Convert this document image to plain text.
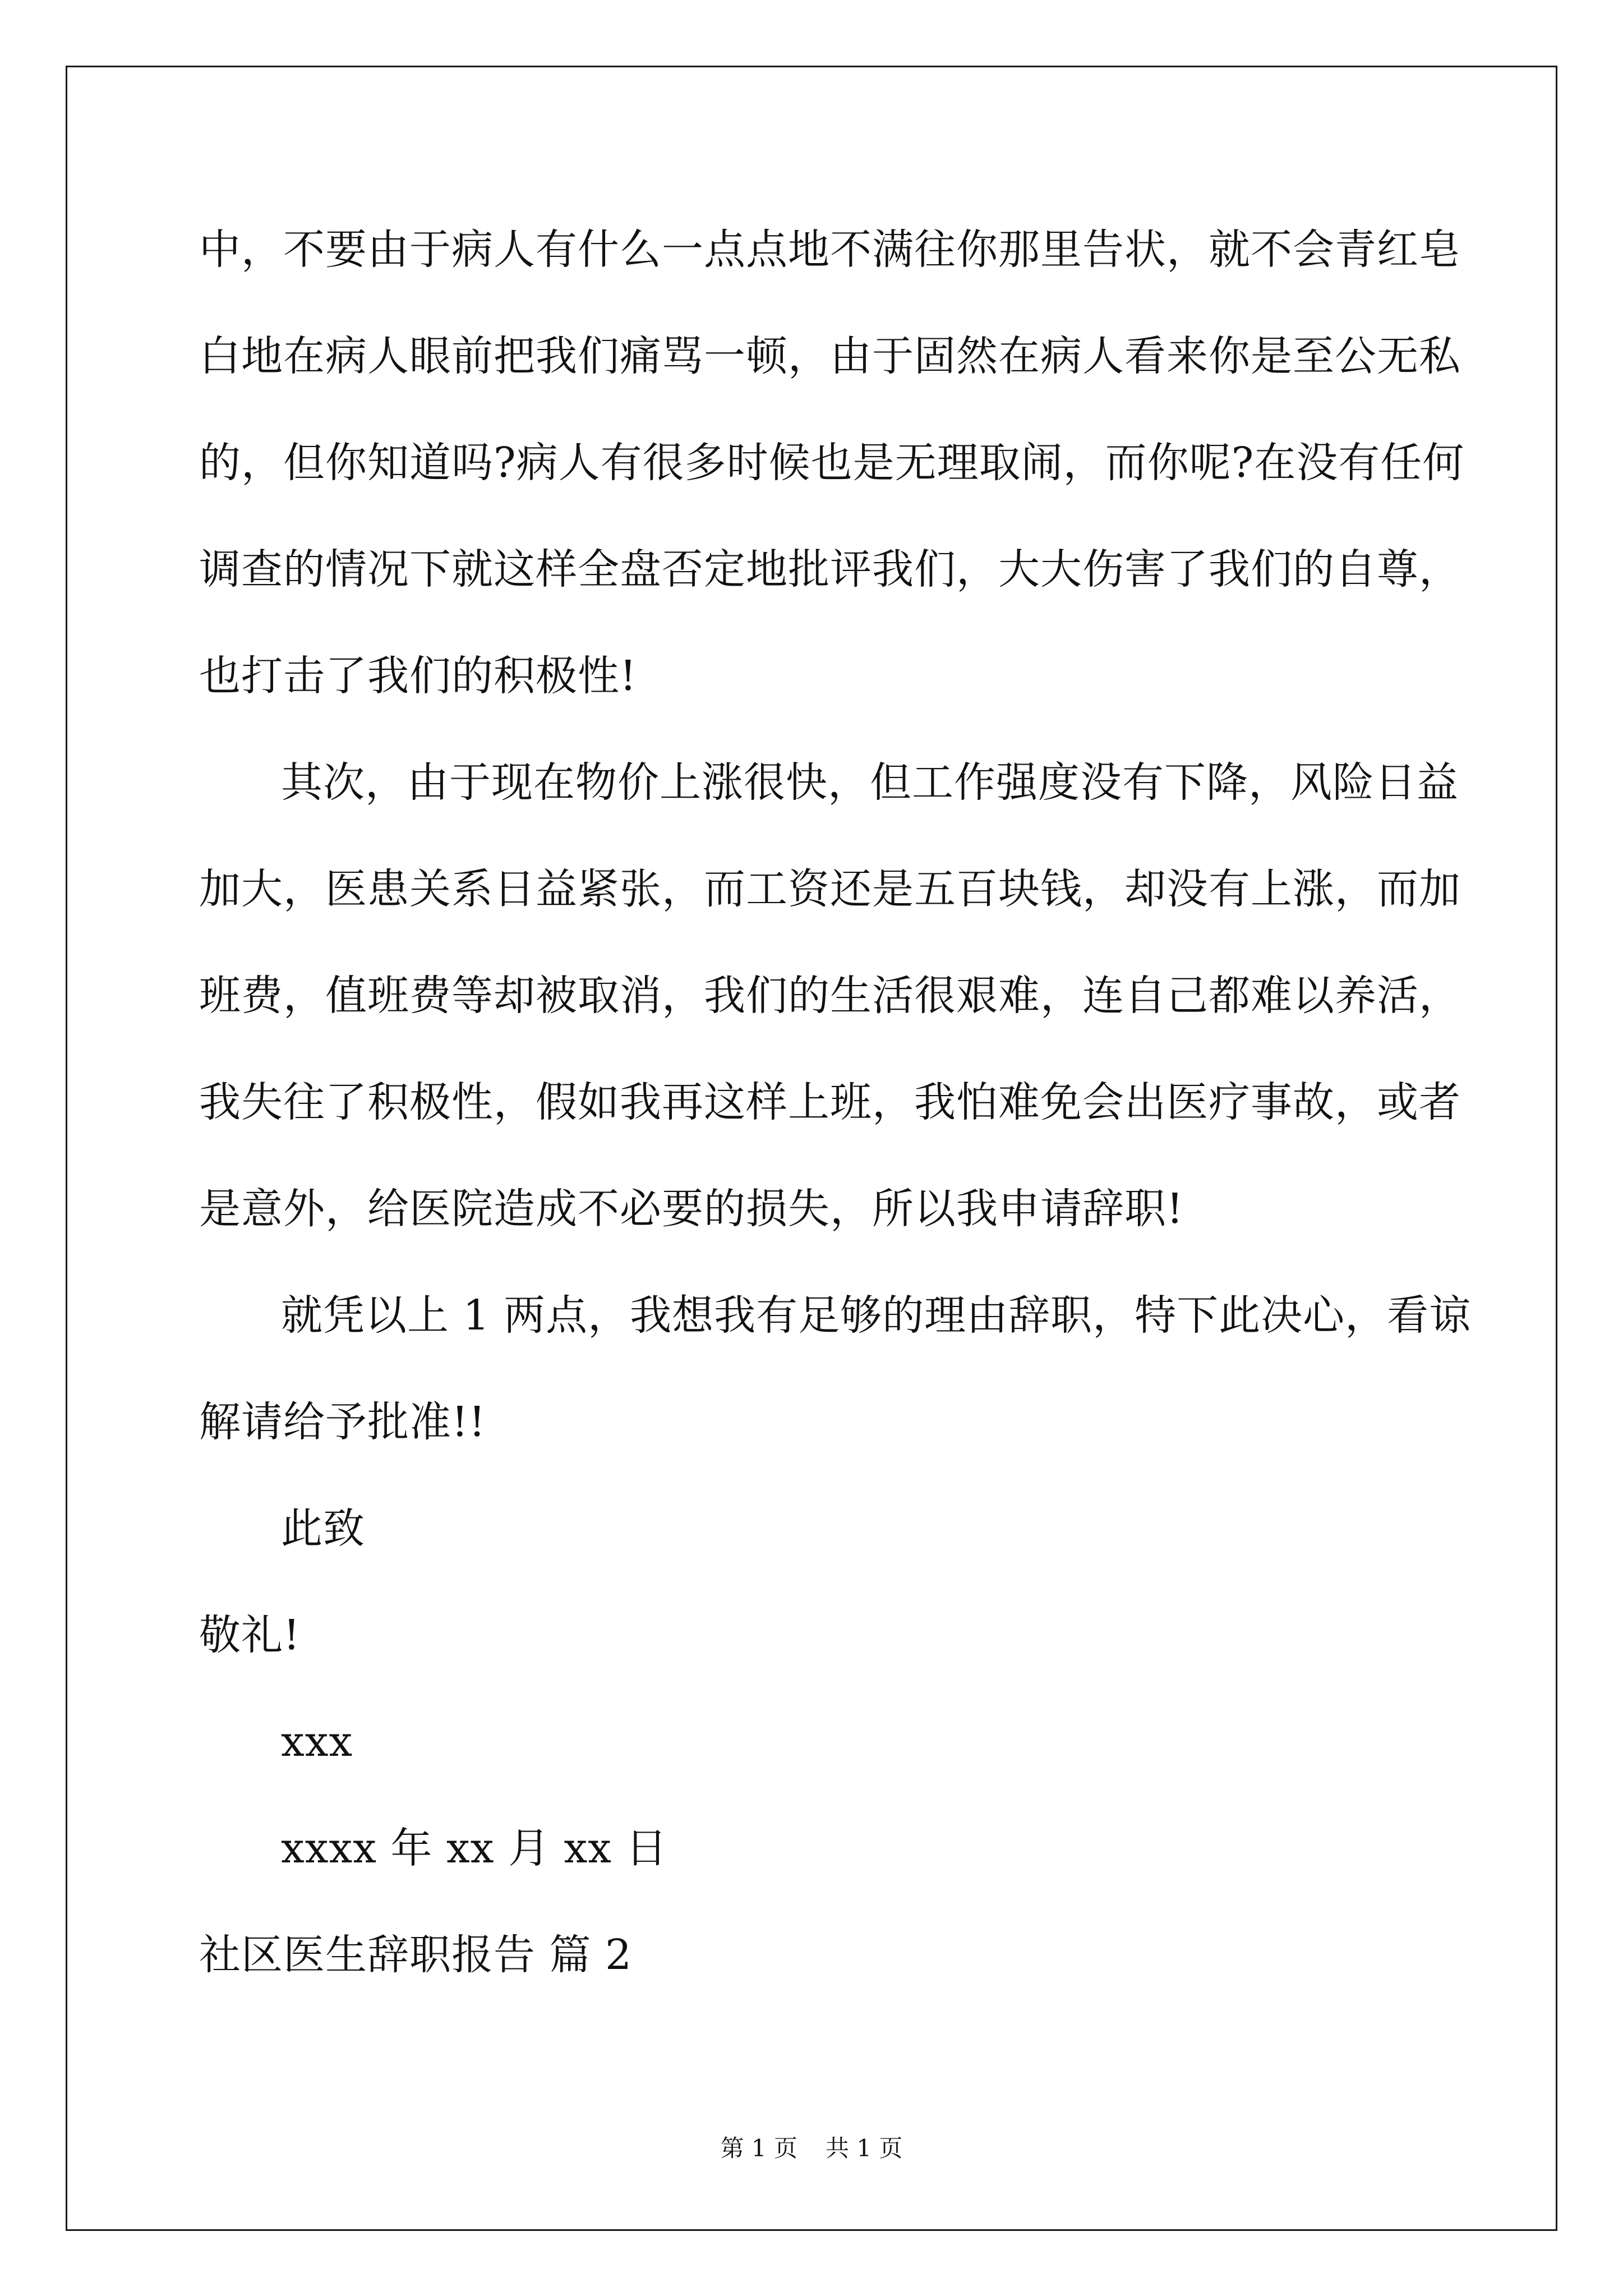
中，不要由于病人有什么一点点地不满往你那里告状，就不会青红皂
白地在病人眼前把我们痛骂一顿，由于固然在病人看来你是至公无私
的，但你知道吗?病人有很多时候也是无理取闹，而你呢?在没有任何
调查的情况下就这样全盘否定地批评我们，大大伤害了我们的自尊，
也打击了我们的积极性!
其次，由于现在物价上涨很快，但工作强度没有下降，风险日益
加大，医患关系日益紧张，而工资还是五百块钱，却没有上涨，而加
班费，值班费等却被取消，我们的生活很艰难，连自己都难以养活，
我失往了积极性，假如我再这样上班，我怕难免会出医疗事故，或者
是意外，给医院造成不必要的损失，所以我申请辞职!
就凭以上 1 两点，我想我有足够的理由辞职，特下此决心，看谅
解请给予批准!!
此致
敬礼!
xxx
xxxx 年 xx 月 xx 日
社区医生辞职报告 篇 2
第 1 页 共 1 页
